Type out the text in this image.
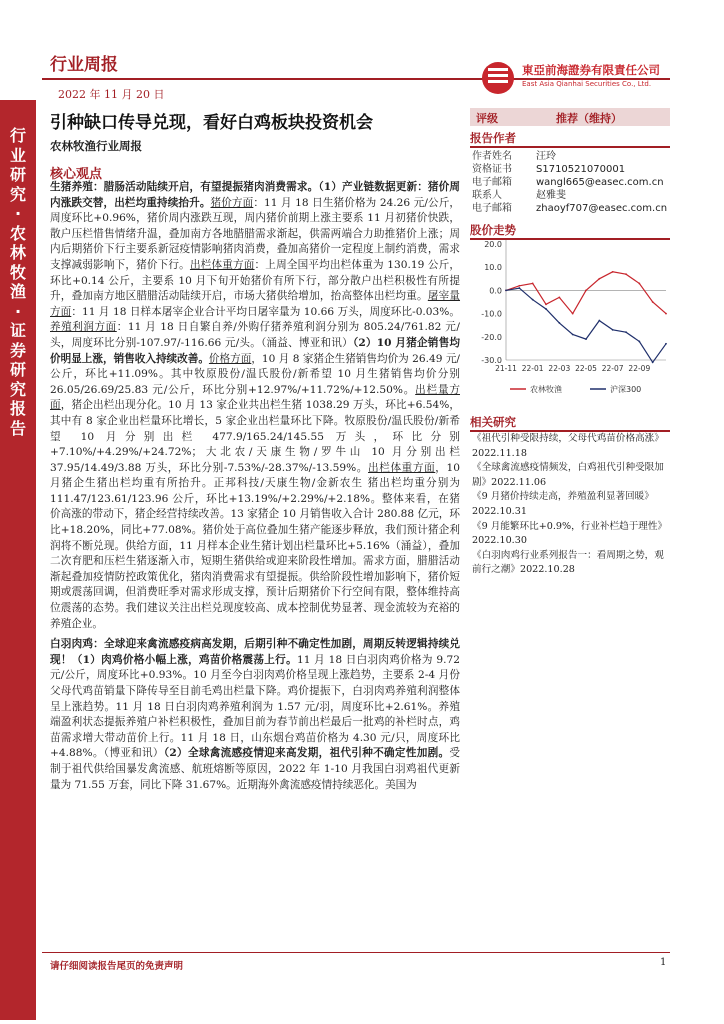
行业周报
2022 年 11 月 20 日
東亞前海證券有限責任公司
East Asia Qianhai Securities Co., Ltd.
行
业
研
究
·
农
林
牧
渔
·
证
券
研
究
报
告
引种缺口传导兑现，看好白鸡板块投资机会
农林牧渔行业周报
核心观点

生猪养殖：腊肠活动陆续开启，有望提振猪肉消费需求。（1）产业链数据更新：猪价周内涨跌交替，出栏均重持续抬升。猪价方面：11 月 18 日生猪价格为 24.26 元/公斤，周度环比+0.96%，猪价周内涨跌互现，周内猪价前期上涨主要系 11 月初猪价快跌，散户压栏惜售情绪升温，叠加南方各地腊腊需求渐起，供需两端合力助推猪价上涨；周内后期猪价下行主要系新冠疫情影响猪肉消费，叠加高猪价一定程度上制约消费，需求支撑减弱影响下，猪价下行。出栏体重方面：上周全国平均出栏体重为 130.19 公斤，环比+0.14 公斤，主要系 10 月下旬开始猪价有所下行，部分散户出栏积极性有所提升，叠加南方地区腊腊活动陆续开启，市场大猪供给增加，抬高整体出栏均重。屠宰量方面：11 月 18 日样本屠宰企业合计平均日屠宰量为 10.66 万头，周度环比-0.03%。养殖利润方面：11 月 18 日自繁自养/外购仔猪养殖利润分别为 805.24/761.82 元/头，周度环比分别-107.97/-116.66 元/头。（涌益、博亚和讯）（2）10 月猪企销售均价明显上涨，销售收入持续改善。价格方面，10 月 8 家猪企生猪销售均价为 26.49 元/公斤，环比+11.09%。其中牧原股份/温氏股份/新希望 10 月生猪销售均价分别 26.05/26.69/25.83 元/公斤，环比分别+12.97%/+11.72%/+12.50%。出栏量方面，猪企出栏出现分化。10 月 13 家企业共出栏生猪 1038.29 万头，环比+6.54%，其中有 8 家企业出栏量环比增长，5 家企业出栏量环比下降。牧原股份/温氏股份/新希望 10 月分别出栏 477.9/165.24/145.55 万头，环比分别+7.10%/+4.29%/+24.72%；大北农/天康生物/罗牛山 10 月分别出栏 37.95/14.49/3.88 万头，环比分别-7.53%/-28.37%/-13.59%。出栏体重方面，10 月猪企生猪出栏均重有所抬升。正邦科技/天康生物/金新农生 猪出栏均重分别为 111.47/123.61/123.96 公斤，环比+13.19%/+2.29%/+2.18%。整体来看，在猪价高涨的带动下，猪企经营持续改善。13 家猪企 10 月销售收入合计 280.88 亿元，环比+18.20%，同比+77.08%。猪价处于高位叠加生猪产能逐步释放，我们预计猪企利润将不断兑现。供给方面，11 月样本企业生猪计划出栏量环比+5.16%（涌益），叠加二次育肥和压栏生猪逐渐入市，短期生猪供给或迎来阶段性增加。需求方面，腊腊活动渐起叠加疫情防控政策优化，猪肉消费需求有望提振。供给阶段性增加影响下，猪价短期或震荡回调，但消费旺季对需求形成支撑，预计后期猪价下行空间有限，整体维持高位震荡的态势。我们建议关注出栏兑现度较高、成本控制优势显著、现金流较为充裕的养殖企业。

白羽肉鸡：全球迎来禽流感疫病高发期，后期引种不确定性加剧，周期反转逻辑持续兑现！（1）肉鸡价格小幅上涨，鸡苗价格震荡上行。11 月 18 日白羽肉鸡价格为 9.72 元/公斤，周度环比+0.93%。10 月至今白羽肉鸡价格呈现上涨趋势，主要系 2-4 月份父母代鸡苗销量下降传导至目前毛鸡出栏量下降。鸡价提振下，白羽肉鸡养殖利润整体呈上涨趋势。11 月 18 日白羽肉鸡养殖利润为 1.57 元/羽，周度环比+2.61%。养殖端盈利状态提振养殖户补栏积极性，叠加目前为春节前出栏最后一批鸡的补栏时点，鸡苗需求增大带动苗价上行。11 月 18 日，山东烟台鸡苗价格为 4.30 元/只，周度环比+4.88%。（博亚和讯）（2）全球禽流感疫情迎来高发期，祖代引种不确定性加剧。受制于祖代供给国暴发禽流感、航班熔断等原因，2022 年 1-10 月我国白羽鸡祖代更新量为 71.55 万套，同比下降 31.67%。近期海外禽流感疫情持续恶化。美国为

评级	推荐（维持）
报告作者
作者姓名	汪玲
资格证书	S1710521070001
电子邮箱	wangl665@easec.com.cn
联系人	赵雅斐
电子邮箱	zhaoyf707@easec.com.cn
股价走势
20.0
10.0
0.0
-10.0
-20.0
-30.0
21-11 22-01 22-03 22-05 22-07 22-09
农林牧渔	沪深300
相关研究
《祖代引种受限持续，父母代鸡苗价格高涨》2022.11.18
《全球禽流感疫情频发，白鸡祖代引种受限加剧》2022.11.06
《9 月猪价持续走高，养殖盈利显著回暖》2022.10.31
《9 月能繁环比+0.9%，行业补栏趋于理性》2022.10.30
《白羽肉鸡行业系列报告一：看周期之势，观前行之潮》2022.10.28
请仔细阅读报告尾页的免责声明	1
